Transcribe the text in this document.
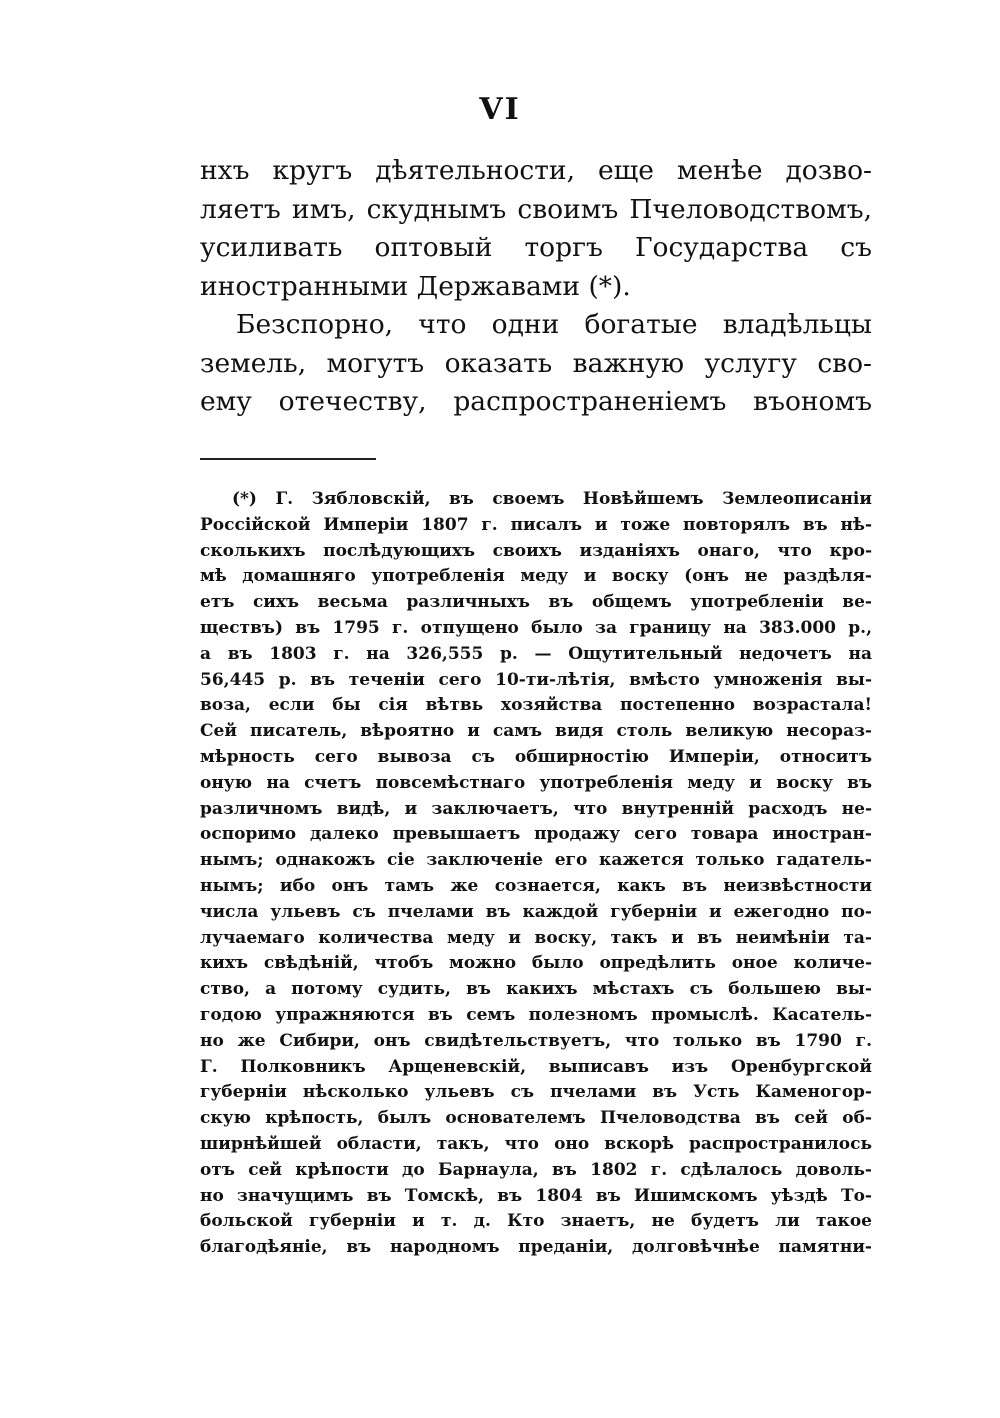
VI
нхъ кругъ дѣятельности, еще менѣе дозво-
ляетъ имъ, скуднымъ своимъ Пчеловодствомъ,
усиливать оптовый торгъ Государства съ
иностранными Державами (*).
Безспорно, что одни богатые владѣльцы
земель, могутъ оказать важную услугу сво-
ему отечеству, распространенiемъ въономъ
(*) Г. Зябловскiй, въ своемъ Новѣйшемъ Землеописанiи
Россiйской Имперiи 1807 г. писалъ и тоже повторялъ въ нѣ-
сколькихъ послѣдующихъ своихъ изданiяхъ онаго, что кро-
мѣ домашняго употребленiя меду и воску (онъ не раздѣля-
етъ сихъ весьма различныхъ въ общемъ употребленiи ве-
ществъ) въ 1795 г. отпущено было за границу на 383.000 р.,
а въ 1803 г. на 326,555 р. — Ощутительный недочетъ на
56,445 р. въ теченiи сего 10-ти-лѣтiя, вмѣсто умноженiя вы-
воза, если бы сiя вѣтвь хозяйства постепенно возрастала!
Сей писатель, вѣроятно и самъ видя столь великую несораз-
мѣрность сего вывоза съ обширностiю Имперiи, относитъ
оную на счетъ повсемѣстнаго употребленiя меду и воску въ
различномъ видѣ, и заключаетъ, что внутреннiй расходъ не-
оспоримо далеко превышаетъ продажу сего товара иностран-
нымъ; однакожъ сiе заключенiе его кажется только гадатель-
нымъ; ибо онъ тамъ же сознается, какъ въ неизвѣстности
числа ульевъ съ пчелами въ каждой губернiи и ежегодно по-
лучаемаго количества меду и воску, такъ и въ неимѣнiи та-
кихъ свѣдѣнiй, чтобъ можно было опредѣлить оное количе-
ство, а потому судить, въ какихъ мѣстахъ съ большею вы-
годою упражняются въ семъ полезномъ промыслѣ. Касатель-
но же Сибири, онъ свидѣтельствуетъ, что только въ 1790 г.
Г. Полковникъ Арщеневскiй, выписавъ изъ Оренбургской
губернiи нѣсколько ульевъ съ пчелами въ Усть Каменогор-
скую крѣпость, былъ основателемъ Пчеловодства въ сей об-
ширнѣйшей области, такъ, что оно вскорѣ распространилось
отъ сей крѣпости до Барнаула, въ 1802 г. сдѣлалось доволь-
но значущимъ въ Томскѣ, въ 1804 въ Ишимскомъ уѣздѣ То-
больской губернiи и т. д. Кто знаетъ, не будетъ ли такое
благодѣянiе, въ народномъ преданiи, долговѣчнѣе памятни-
